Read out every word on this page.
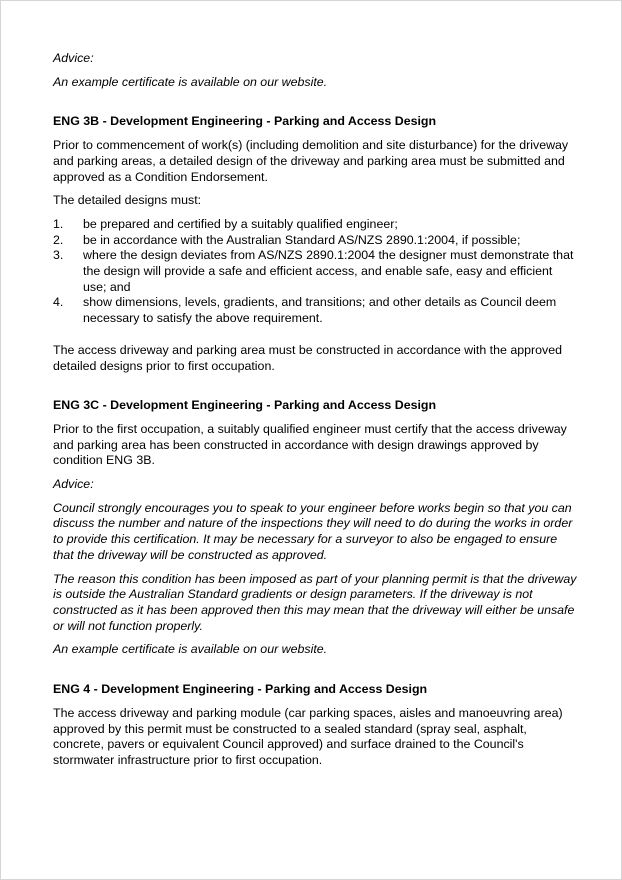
Advice:

An example certificate is available on our website.

ENG 3B - Development Engineering - Parking and Access Design

Prior to commencement of work(s) (including demolition and site disturbance) for the driveway and parking areas, a detailed design of the driveway and parking area must be submitted and approved as a Condition Endorsement.

The detailed designs must:

1. be prepared and certified by a suitably qualified engineer;
2. be in accordance with the Australian Standard AS/NZS 2890.1:2004, if possible;
3. where the design deviates from AS/NZS 2890.1:2004 the designer must demonstrate that the design will provide a safe and efficient access, and enable safe, easy and efficient use; and
4. show dimensions, levels, gradients, and transitions; and other details as Council deem necessary to satisfy the above requirement.

The access driveway and parking area must be constructed in accordance with the approved detailed designs prior to first occupation.

ENG 3C - Development Engineering - Parking and Access Design

Prior to the first occupation, a suitably qualified engineer must certify that the access driveway and parking area has been constructed in accordance with design drawings approved by condition ENG 3B.

Advice:

Council strongly encourages you to speak to your engineer before works begin so that you can discuss the number and nature of the inspections they will need to do during the works in order to provide this certification. It may be necessary for a surveyor to also be engaged to ensure that the driveway will be constructed as approved.

The reason this condition has been imposed as part of your planning permit is that the driveway is outside the Australian Standard gradients or design parameters. If the driveway is not constructed as it has been approved then this may mean that the driveway will either be unsafe or will not function properly.

An example certificate is available on our website.

ENG 4 - Development Engineering - Parking and Access Design

The access driveway and parking module (car parking spaces, aisles and manoeuvring area) approved by this permit must be constructed to a sealed standard (spray seal, asphalt, concrete, pavers or equivalent Council approved) and surface drained to the Council's stormwater infrastructure prior to first occupation.
